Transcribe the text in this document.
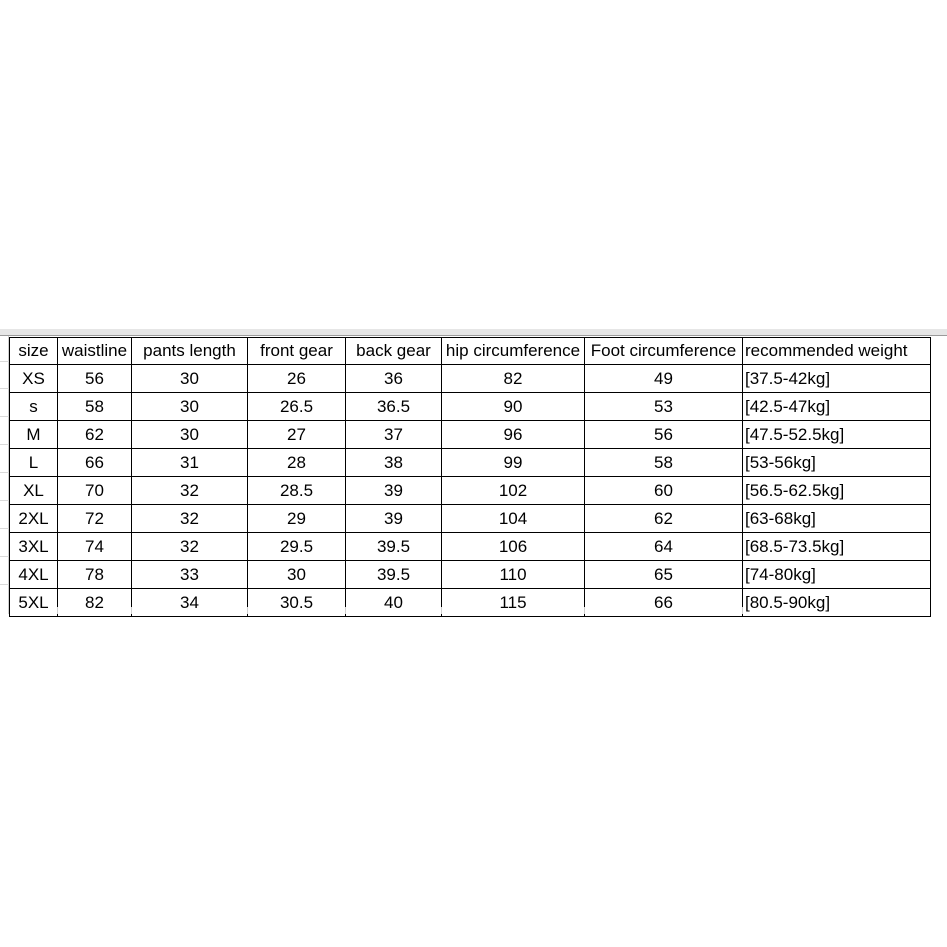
size	waistline	pants length	front gear	back gear	hip circumference	Foot circumference	recommended weight
XS	56	30	26	36	82	49	[37.5-42kg]
s	58	30	26.5	36.5	90	53	[42.5-47kg]
M	62	30	27	37	96	56	[47.5-52.5kg]
L	66	31	28	38	99	58	[53-56kg]
XL	70	32	28.5	39	102	60	[56.5-62.5kg]
2XL	72	32	29	39	104	62	[63-68kg]
3XL	74	32	29.5	39.5	106	64	[68.5-73.5kg]
4XL	78	33	30	39.5	110	65	[74-80kg]
5XL	82	34	30.5	40	115	66	[80.5-90kg]
